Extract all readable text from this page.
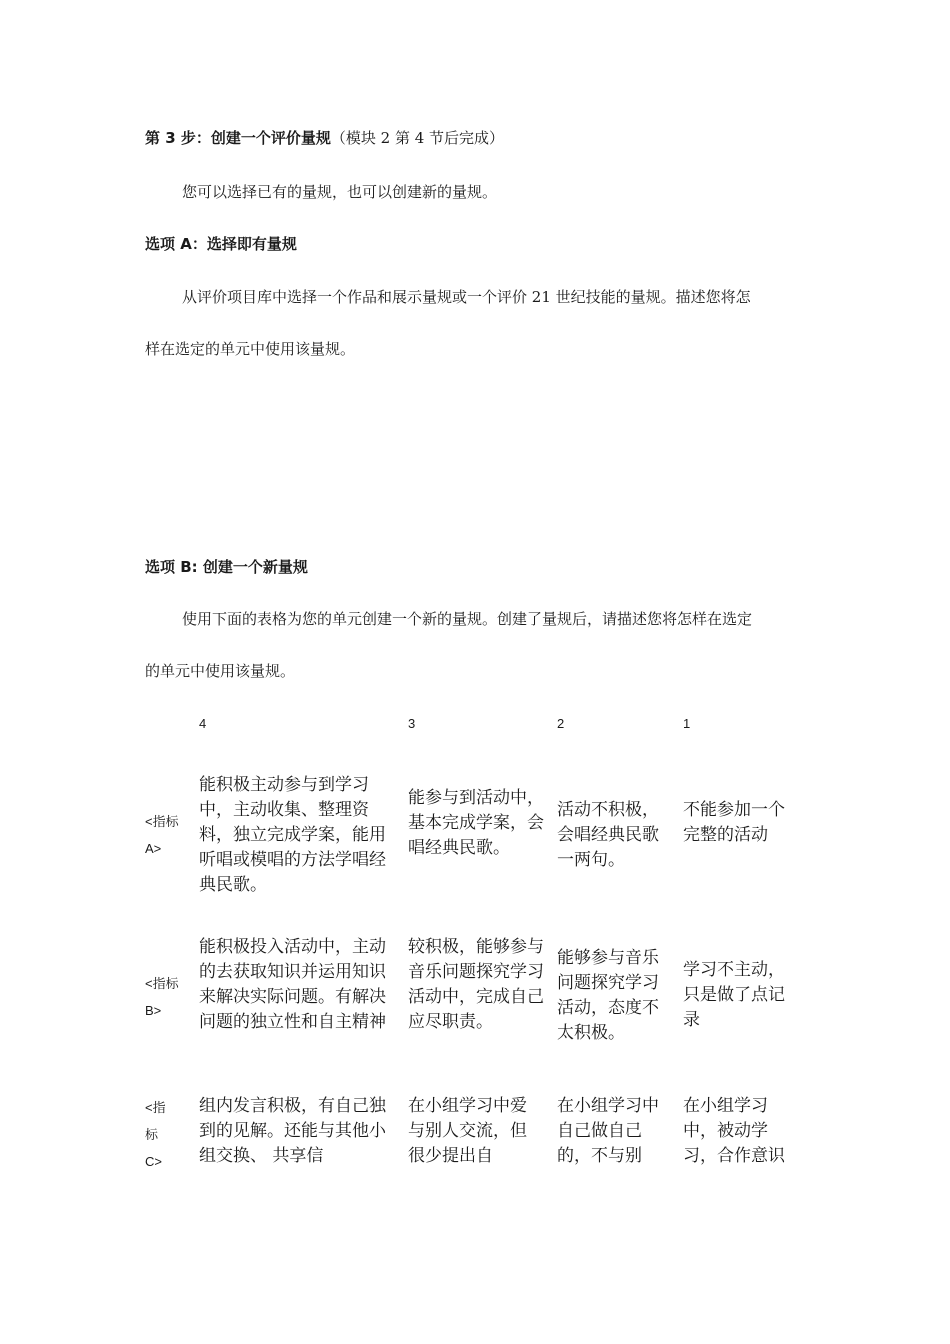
第 3 步：创建一个评价量规（模块 2 第 4 节后完成）
您可以选择已有的量规，也可以创建新的量规。
选项 A：选择即有量规
从评价项目库中选择一个作品和展示量规或一个评价 21 世纪技能的量规。描述您将怎
样在选定的单元中使用该量规。
选项 B: 创建一个新量规
使用下面的表格为您的单元创建一个新的量规。创建了量规后，请描述您将怎样在选定
的单元中使用该量规。
4	3	2	1
<指标 A>
能积极主动参与到学习中，主动收集、整理资料，独立完成学案，能用听唱或模唱的方法学唱经典民歌。
能参与到活动中，基本完成学案，会唱经典民歌。
活动不积极，会唱经典民歌一两句。
不能参加一个完整的活动
<指标 B>
能积极投入活动中，主动的去获取知识并运用知识来解决实际问题。有解决问题的独立性和自主精神
较积极，能够参与音乐问题探究学习活动中，完成自己应尽职责。
能够参与音乐问题探究学习活动，态度不太积极。
学习不主动，只是做了点记录
<指标 C>
组内发言积极，有自己独到的见解。还能与其他小组交换、 共享信
在小组学习中爱与别人交流，但很少提出自
在小组学习中自己做自己的，不与别
在小组学习中，被动学习，合作意识
